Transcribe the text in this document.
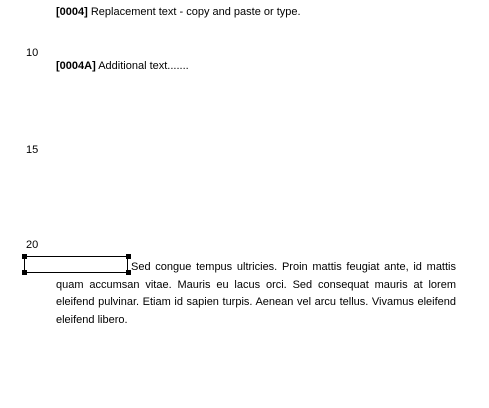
[0004] Replacement text - copy and paste or type.
10
[0004A] Additional text.......
15
20
Sed congue tempus ultricies. Proin mattis feugiat ante, id mattis quam accumsan vitae. Mauris eu lacus orci. Sed consequat mauris at lorem eleifend pulvinar. Etiam id sapien turpis. Aenean vel arcu tellus. Vivamus eleifend eleifend libero.
